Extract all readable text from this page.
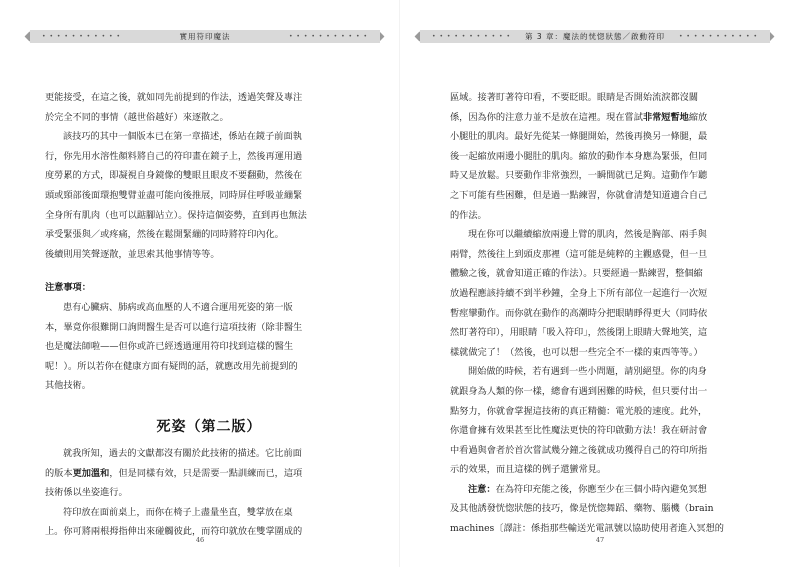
• • • • • • • • • • •	實用符印魔法	• • • • • • • • • • •
更能接受，在這之後，就如同先前提到的作法，透過笑聲及專注
於完全不同的事情（越世俗越好）來逐散之。
該技巧的其中一個版本已在第一章描述，係站在鏡子前面執
行，你先用水溶性顏料將自己的符印畫在鏡子上，然後再運用過
度勞累的方式，即凝視自身鏡像的雙眼且眼皮不要翻動，然後在
頭或頸部後面環抱雙臂並盡可能向後推展，同時屏住呼吸並繃緊
全身所有肌肉（也可以踮腳站立）。保持這個姿勢，直到再也無法
承受緊張與／或疼痛，然後在鬆開緊繃的同時將符印內化。
後續則用笑聲逐散，並思索其他事情等等。
注意事項：
患有心臟病、肺病或高血壓的人不適合運用死姿的第一版
本，畢竟你很難開口詢問醫生是否可以進行這項技術（除非醫生
也是魔法師啦——但你或許已經透過運用符印找到這樣的醫生
呢！）。所以若你在健康方面有疑問的話，就應改用先前提到的
其他技術。
死姿（第二版）
就我所知，過去的文獻都沒有關於此技術的描述。它比前面
的版本更加溫和，但是同樣有效，只是需要一點訓練而已，這項
技術係以坐姿進行。
符印放在面前桌上，而你在椅子上盡量坐直，雙掌放在桌
上。你可將兩根拇指伸出來碰觸彼此，而符印就放在雙掌圍成的
46
• • • • • • • • • • • 第 3 章：魔法的恍惚狀態／啟動符印 • • • • • • • • • • •
區域。接著盯著符印看，不要眨眼。眼睛是否開始流淚都沒關
係，因為你的注意力並不是放在這裡。現在嘗試非常短暫地縮放
小腿肚的肌肉。最好先從某一條腿開始，然後再換另一條腿，最
後一起縮放兩邊小腿肚的肌肉。縮放的動作本身應為緊張，但同
時又是放鬆。只要動作非常強烈，一瞬間就已足夠。這動作乍聽
之下可能有些困難，但是過一點練習，你就會清楚知道適合自己
的作法。
現在你可以繼續縮放兩邊上臂的肌肉，然後是胸部、兩手與
兩臂，然後往上到頭皮那裡（這可能是純粹的主觀感覺，但一旦
體驗之後，就會知道正確的作法）。只要經過一點練習，整個縮
放過程應該持續不到半秒鐘，全身上下所有部位一起進行一次短
暫痙攣動作。而你就在動作的高潮時分把眼睛睜得更大（同時依
然盯著符印），用眼睛「吸入符印」，然後閉上眼睛大聲地笑，這
樣就做完了！（然後，也可以想一些完全不一樣的東西等等。）
開始做的時候，若有遇到一些小問題，請別絕望。你的肉身
就跟身為人類的你一樣，總會有遇到困難的時候，但只要付出一
點努力，你就會掌握這技術的真正精髓：電光般的速度。此外，
你還會擁有效果甚至比性魔法更快的符印啟動方法！我在研討會
中看過與會者於首次嘗試幾分鐘之後就成功獲得自己的符印所指
示的效果，而且這樣的例子還蠻常見。
注意：在為符印充能之後，你應至少在三個小時內避免冥想
及其他誘發恍惚狀態的技巧，像是恍惚舞蹈、藥物、腦機（brain
machines〔譯註：係指那些輸送光電訊號以協助使用者進入冥想的
47
